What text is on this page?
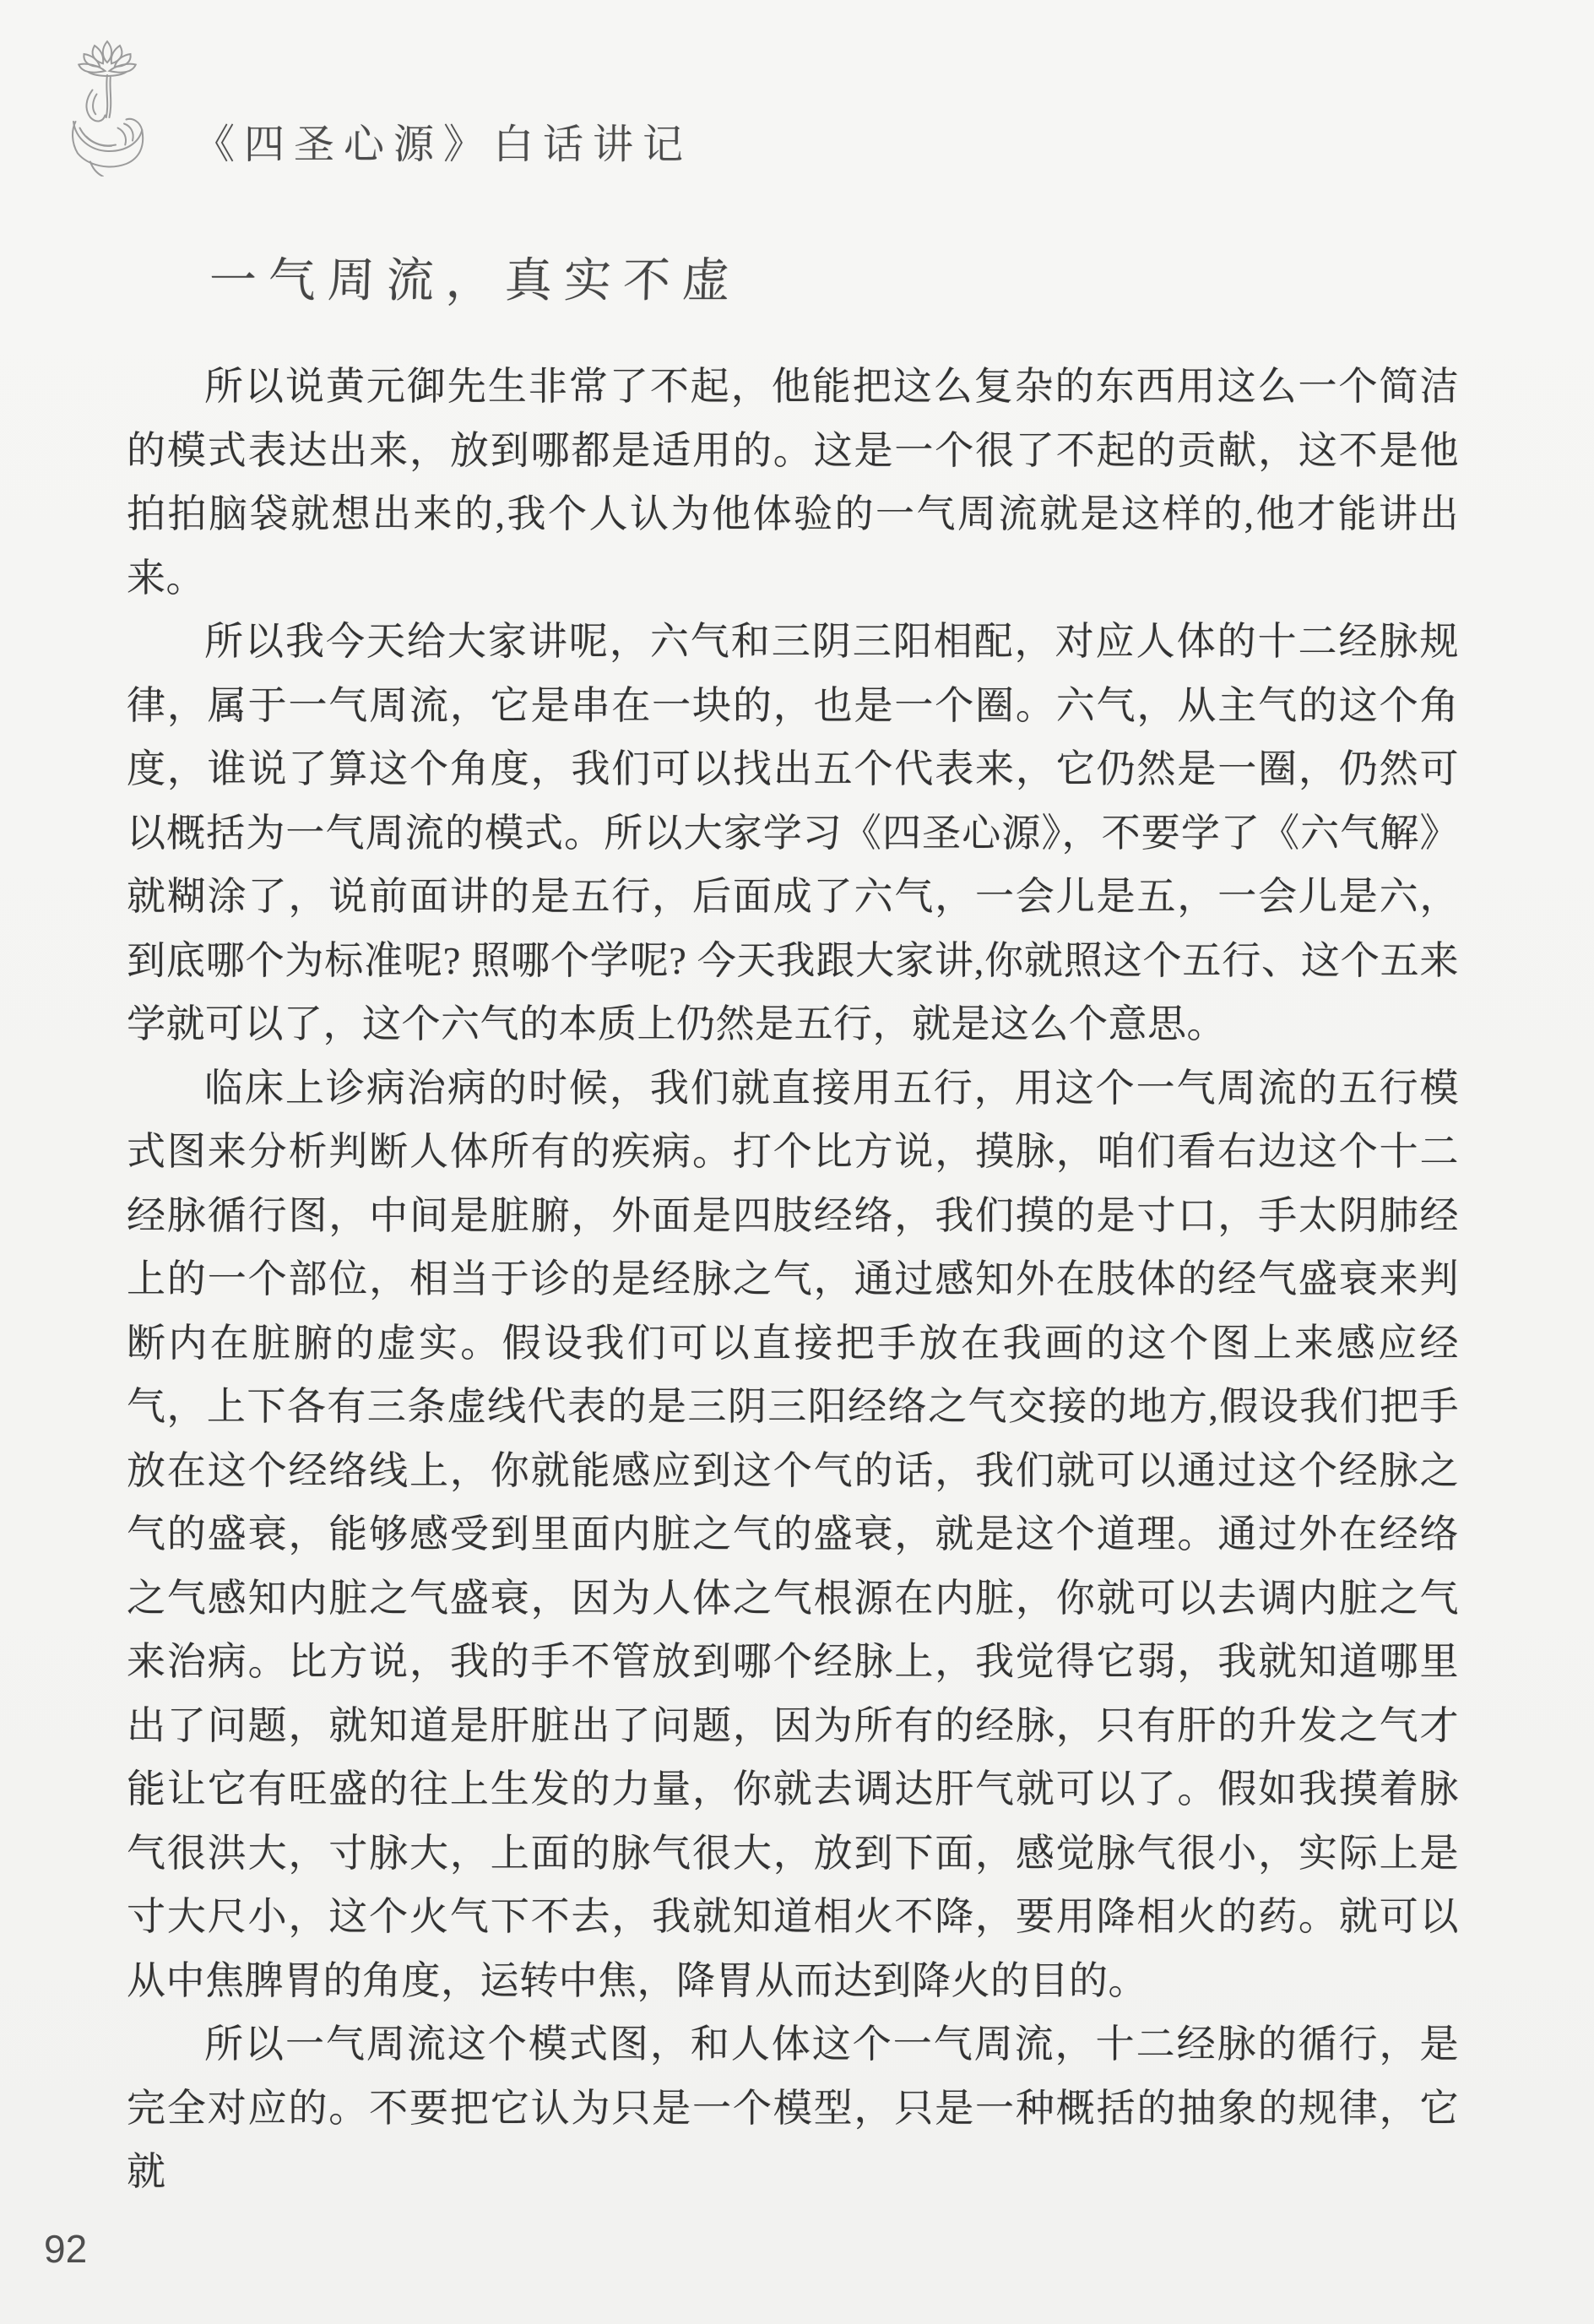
《四圣心源》白话讲记
一气周流，真实不虚

所以说黄元御先生非常了不起，他能把这么复杂的东西用这么一个简洁的模式表达出来，放到哪都是适用的。这是一个很了不起的贡献，这不是他拍拍脑袋就想出来的,我个人认为他体验的一气周流就是这样的,他才能讲出来。

所以我今天给大家讲呢，六气和三阴三阳相配，对应人体的十二经脉规律，属于一气周流，它是串在一块的，也是一个圈。六气，从主气的这个角度，谁说了算这个角度，我们可以找出五个代表来，它仍然是一圈，仍然可以概括为一气周流的模式。所以大家学习《四圣心源》，不要学了《六气解》就糊涂了，说前面讲的是五行，后面成了六气，一会儿是五，一会儿是六，到底哪个为标准呢? 照哪个学呢? 今天我跟大家讲,你就照这个五行、这个五来学就可以了，这个六气的本质上仍然是五行，就是这么个意思。

临床上诊病治病的时候，我们就直接用五行，用这个一气周流的五行模式图来分析判断人体所有的疾病。打个比方说，摸脉，咱们看右边这个十二经脉循行图，中间是脏腑，外面是四肢经络，我们摸的是寸口，手太阴肺经上的一个部位，相当于诊的是经脉之气，通过感知外在肢体的经气盛衰来判断内在脏腑的虚实。假设我们可以直接把手放在我画的这个图上来感应经气，上下各有三条虚线代表的是三阴三阳经络之气交接的地方,假设我们把手放在这个经络线上，你就能感应到这个气的话，我们就可以通过这个经脉之气的盛衰，能够感受到里面内脏之气的盛衰，就是这个道理。通过外在经络之气感知内脏之气盛衰，因为人体之气根源在内脏，你就可以去调内脏之气来治病。比方说，我的手不管放到哪个经脉上，我觉得它弱，我就知道哪里出了问题，就知道是肝脏出了问题，因为所有的经脉，只有肝的升发之气才能让它有旺盛的往上生发的力量，你就去调达肝气就可以了。假如我摸着脉气很洪大，寸脉大，上面的脉气很大，放到下面，感觉脉气很小，实际上是寸大尺小，这个火气下不去，我就知道相火不降，要用降相火的药。就可以从中焦脾胃的角度，运转中焦，降胃从而达到降火的目的。

所以一气周流这个模式图，和人体这个一气周流，十二经脉的循行，是完全对应的。不要把它认为只是一个模型，只是一种概括的抽象的规律，它就

92
